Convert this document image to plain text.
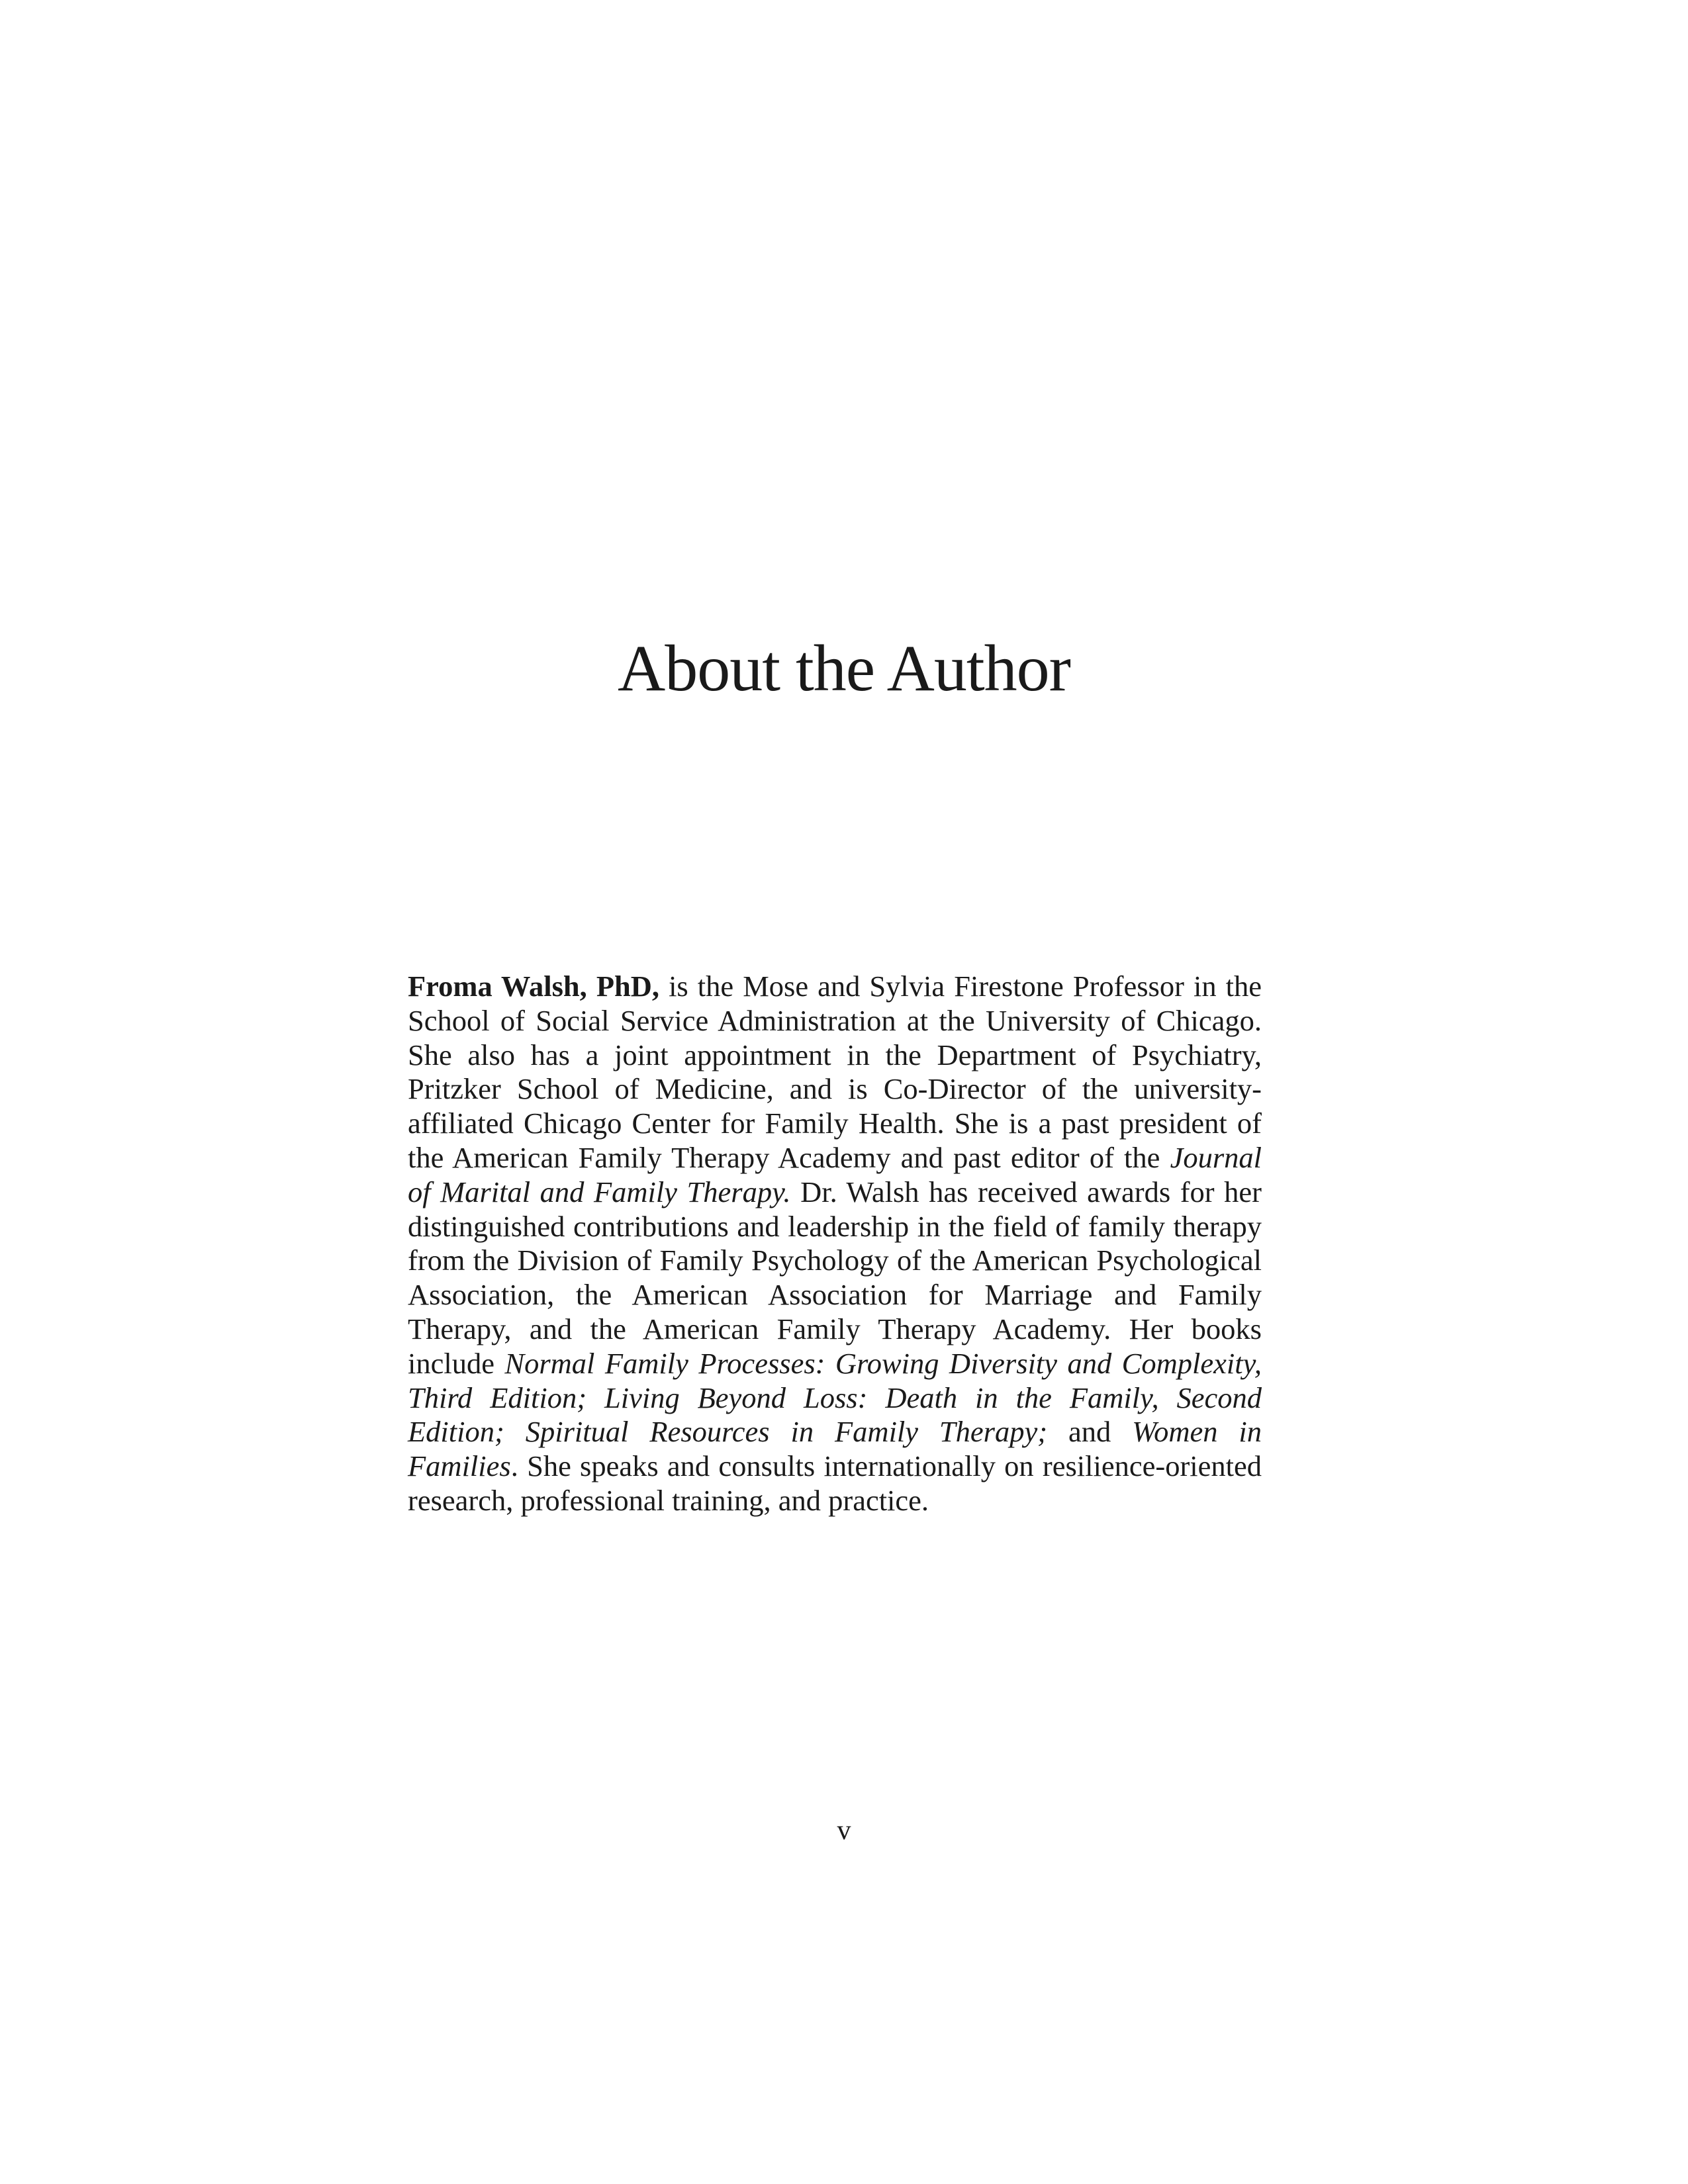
About the Author

Froma Walsh, PhD, is the Mose and Sylvia Firestone Professor in the School of Social Service Administration at the University of Chicago. She also has a joint appointment in the Department of Psychiatry, Pritzker School of Medicine, and is Co-Director of the university-affiliated Chicago Center for Family Health. She is a past president of the American Family Therapy Academy and past editor of the Journal of Marital and Family Therapy. Dr. Walsh has received awards for her distinguished contributions and leadership in the field of family therapy from the Division of Family Psychology of the American Psychological Association, the American Association for Marriage and Family Therapy, and the American Family Therapy Academy. Her books include Normal Family Processes: Growing Diversity and Complexity, Third Edition; Living Beyond Loss: Death in the Family, Second Edition; Spiritual Resources in Family Therapy; and Women in Families. She speaks and consults internationally on resilience-oriented research, professional training, and practice.

v
